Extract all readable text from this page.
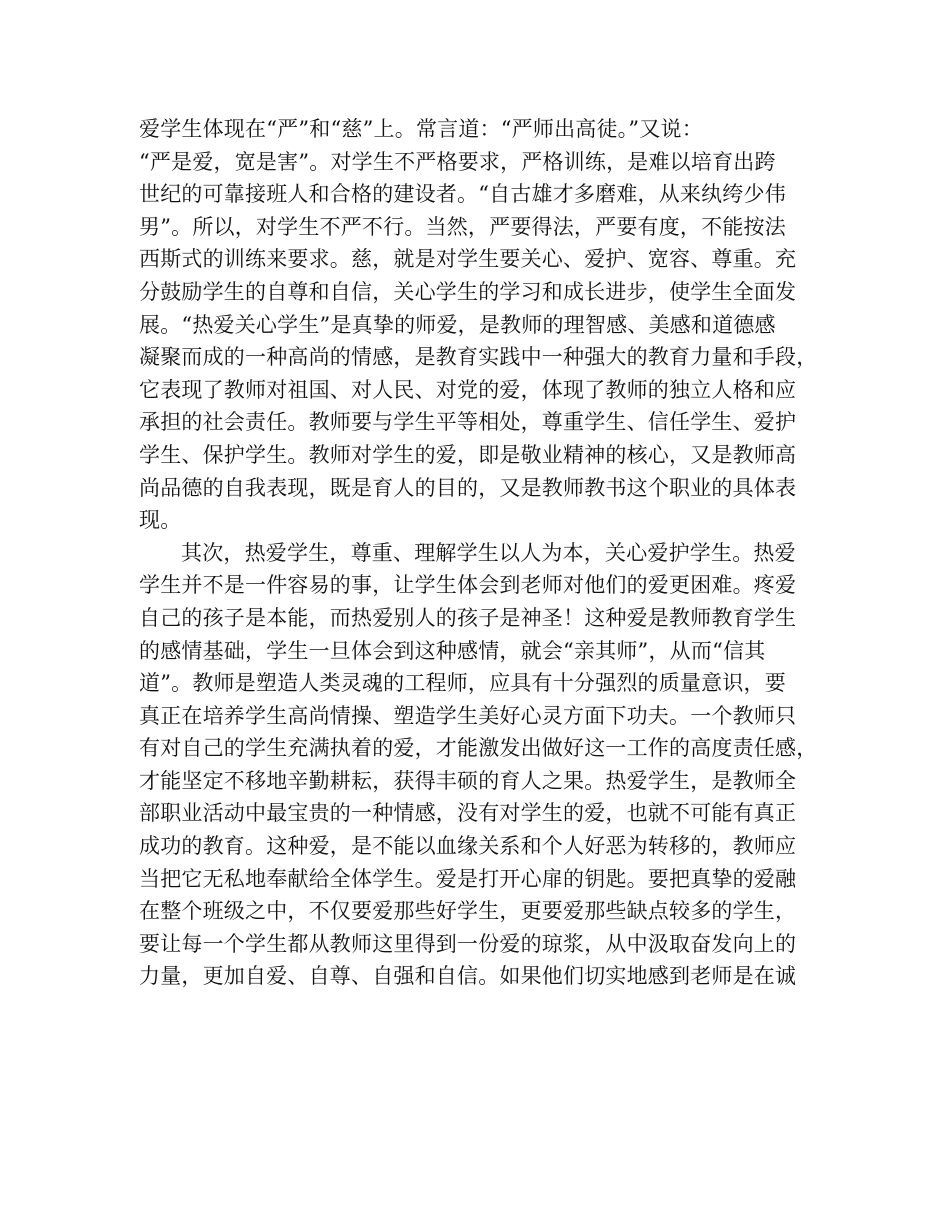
爱学生体现在“严”和“慈”上。常言道：“严师出高徒。”又说：
“严是爱，宽是害”。对学生不严格要求，严格训练，是难以培育出跨
世纪的可靠接班人和合格的建设者。“自古雄才多磨难，从来纨绔少伟
男”。所以，对学生不严不行。当然，严要得法，严要有度，不能按法
西斯式的训练来要求。慈，就是对学生要关心、爱护、宽容、尊重。充
分鼓励学生的自尊和自信，关心学生的学习和成长进步，使学生全面发
展。“热爱关心学生”是真挚的师爱，是教师的理智感、美感和道德感
凝聚而成的一种高尚的情感，是教育实践中一种强大的教育力量和手段，
它表现了教师对祖国、对人民、对党的爱，体现了教师的独立人格和应
承担的社会责任。教师要与学生平等相处，尊重学生、信任学生、爱护
学生、保护学生。教师对学生的爱，即是敬业精神的核心，又是教师高
尚品德的自我表现，既是育人的目的，又是教师教书这个职业的具体表
现。
其次，热爱学生，尊重、理解学生以人为本，关心爱护学生。热爱
学生并不是一件容易的事，让学生体会到老师对他们的爱更困难。疼爱
自己的孩子是本能，而热爱别人的孩子是神圣！这种爱是教师教育学生
的感情基础，学生一旦体会到这种感情，就会“亲其师”，从而“信其
道”。教师是塑造人类灵魂的工程师，应具有十分强烈的质量意识，要
真正在培养学生高尚情操、塑造学生美好心灵方面下功夫。一个教师只
有对自己的学生充满执着的爱，才能激发出做好这一工作的高度责任感，
才能坚定不移地辛勤耕耘，获得丰硕的育人之果。热爱学生，是教师全
部职业活动中最宝贵的一种情感，没有对学生的爱，也就不可能有真正
成功的教育。这种爱，是不能以血缘关系和个人好恶为转移的，教师应
当把它无私地奉献给全体学生。爱是打开心扉的钥匙。要把真挚的爱融
在整个班级之中，不仅要爱那些好学生，更要爱那些缺点较多的学生，
要让每一个学生都从教师这里得到一份爱的琼浆，从中汲取奋发向上的
力量，更加自爱、自尊、自强和自信。如果他们切实地感到老师是在诚
